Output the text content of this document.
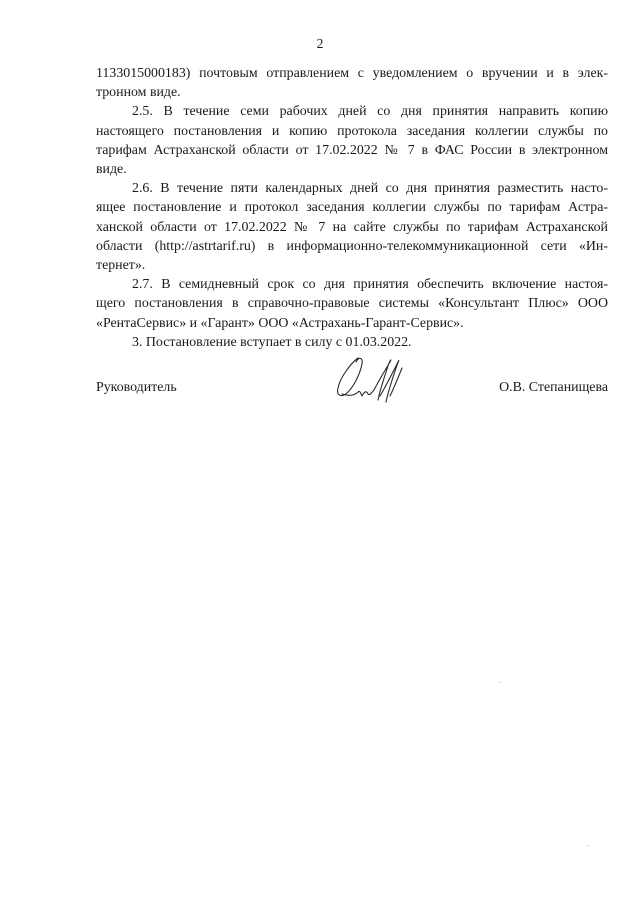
2

1133015000183) почтовым отправлением с уведомлением о вручении и в элек-
тронном виде.

2.5. В течение семи рабочих дней со дня принятия направить копию
настоящего постановления и копию протокола заседания коллегии службы по
тарифам Астраханской области от 17.02.2022 № 7 в ФАС России в электронном
виде.

2.6. В течение пяти календарных дней со дня принятия разместить насто-
ящее постановление и протокол заседания коллегии службы по тарифам Астра-
ханской области от 17.02.2022 № 7 на сайте службы по тарифам Астраханской
области (http://astrtarif.ru) в информационно-телекоммуникационной сети «Ин-
тернет».

2.7. В семидневный срок со дня принятия обеспечить включение настоя-
щего постановления в справочно-правовые системы «Консультант Плюс» ООО
«РентаСервис» и «Гарант» ООО «Астрахань-Гарант-Сервис».

3. Постановление вступает в силу с 01.03.2022.

Руководитель	О.В. Степанищева
